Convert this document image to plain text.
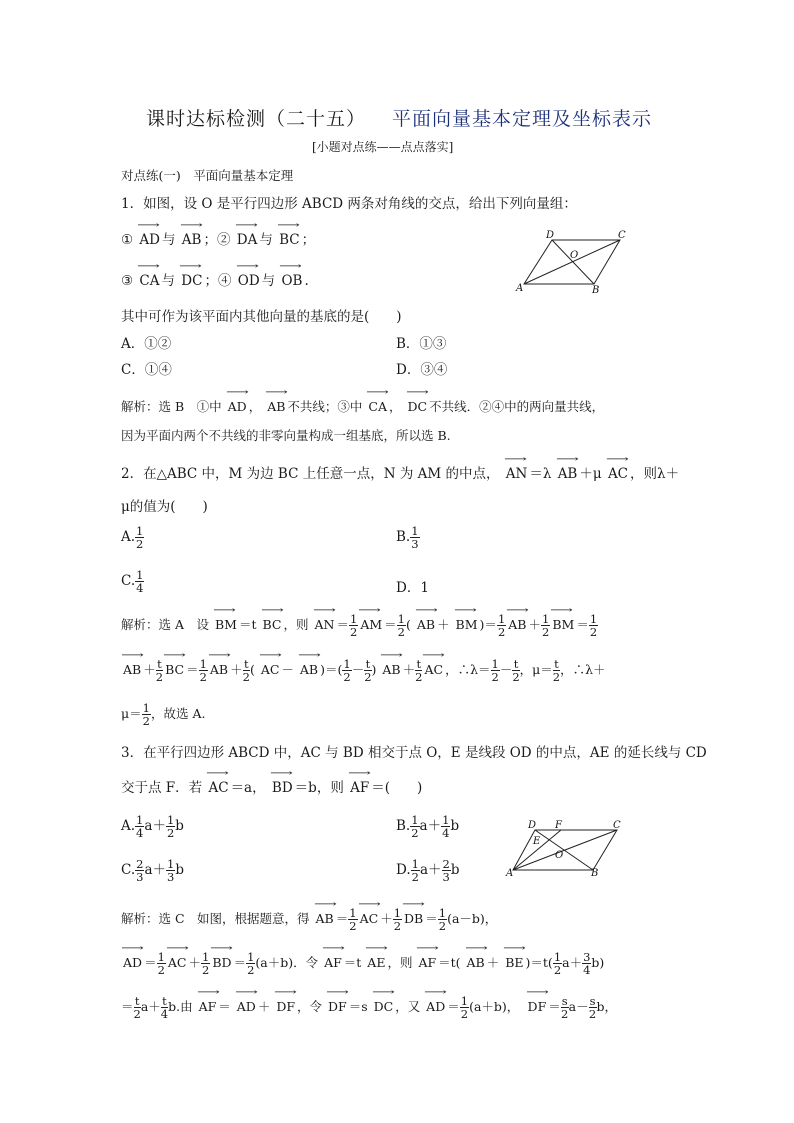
课时达标检测（二十五） 平面向量基本定理及坐标表示
[小题对点练——点点落实]
对点练(一)　平面向量基本定理
1．如图，设 O 是平行四边形 ABCD 两条对角线的交点，给出下列向量组：
① AD ⟶ 与 AB ⟶ ；② DA ⟶ 与 BC ⟶ ；
③ CA ⟶ 与 DC ⟶ ；④ OD ⟶ 与 OB ⟶ .
D	C
O
A	B
其中可作为该平面内其他向量的基底的是(　　)
A．①②	B．①③
C．①④	D．③④
解析：选 B　①中 AD ⟶ ， AB ⟶ 不共线；③中 CA ⟶ ， DC ⟶ 不共线．②④中的两向量共线，
因为平面内两个不共线的非零向量构成一组基底，所以选 B.
2．在△ABC 中，M 为边 BC 上任意一点，N 为 AM 的中点， AN ⟶ ＝λ AB ⟶ ＋μ AC ⟶ ，则λ＋
μ的值为(　　)
A. $\frac{1}{2}$	B. $\frac{1}{3}$
C. $\frac{1}{4}$	D．1
解析：选 A　设 BM ⟶ ＝t BC ⟶ ，则 AN ⟶ ＝ $\frac{1}{2}$ AM ⟶ ＝ $\frac{1}{2}$ ( AB ⟶ ＋ BM ⟶ )＝ $\frac{1}{2}$ AB ⟶ ＋ $\frac{1}{2}$ BM ⟶ ＝ $\frac{1}{2}$
AB ⟶ ＋ $\frac{t}{2}$ BC ⟶ ＝ $\frac{1}{2}$ AB ⟶ ＋ $\frac{t}{2}$ ( AC ⟶ － AB ⟶ )＝( $\frac{1}{2} - \frac{t}{2}$ ) AB ⟶ ＋ $\frac{t}{2}$ AC ⟶ ，∴λ＝ $\frac{1}{2} - \frac{t}{2}$ ，$\mu= \frac{t}{2}$ ，∴λ＋
$\mu= \frac{1}{2}$ ，故选 A.
3．在平行四边形 ABCD 中，AC 与 BD 相交于点 O，E 是线段 OD 的中点，AE 的延长线与 CD
交于点 F．若 AC ⟶ ＝a， BD ⟶ ＝b，则 AF ⟶ ＝(　　)
A. $\frac{1}{4} a+ \frac{1}{2}$ b	B. $\frac{1}{2} a+ \frac{1}{4}$ b
C. $\frac{2}{3} a+ \frac{1}{3}$ b	D. $\frac{1}{2} a+ \frac{2}{3}$ b
D F	C
E
O
A	B
解析：选 C　如图，根据题意，得 AB ⟶ ＝ $\frac{1}{2}$ AC ⟶ ＋ $\frac{1}{2}$ DB ⟶ ＝ $\frac{1}{2} (a-b)$，
AD ⟶ ＝ $\frac{1}{2}$ AC ⟶ ＋ $\frac{1}{2}$ BD ⟶ ＝ $\frac{1}{2} (a+b)$．令 AF ⟶ ＝t AE ⟶ ，则 AF ⟶ ＝t( AB ⟶ ＋ BE ⟶ )$=t( \frac{1}{2} a+ \frac{3}{4} b)$
＝ $\frac{t}{2} a+ \frac{t}{4} b$.由 AF ⟶ ＝ AD ⟶ ＋ DF ⟶ ，令 DF ⟶ ＝s DC ⟶ ，又 AD ⟶ ＝ $\frac{1}{2} (a+b)$，　DF ⟶ ＝ $\frac{s}{2} a- \frac{s}{2}$ b，
